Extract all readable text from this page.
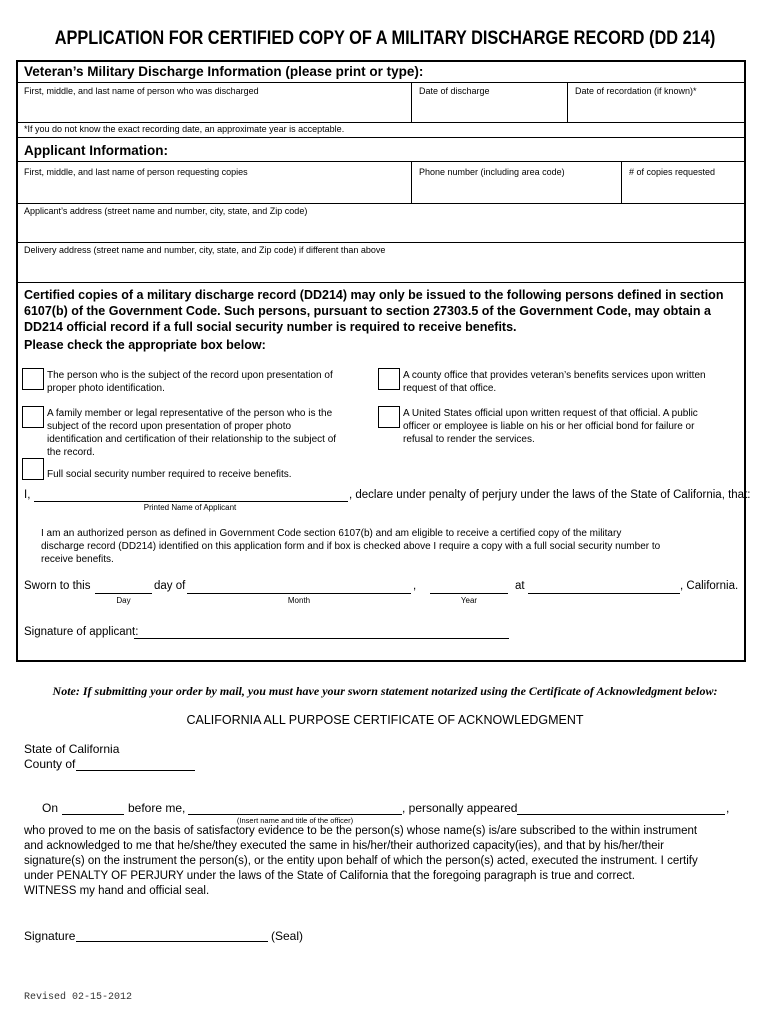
APPLICATION FOR CERTIFIED COPY OF A MILITARY DISCHARGE RECORD (DD 214)
Veteran’s Military Discharge Information (please print or type):
First, middle, and last name of person who was discharged	Date of discharge	Date of recordation (if known)*
*If you do not know the exact recording date, an approximate year is acceptable.
Applicant Information:
First, middle, and last name of person requesting copies	Phone number (including area code)	# of copies requested
Applicant’s address (street name and number, city, state, and Zip code)
Delivery address (street name and number, city, state, and Zip code) if different than above
Certified copies of a military discharge record (DD214) may only be issued to the following persons defined in section
6107(b) of the Government Code. Such persons, pursuant to section 27303.5 of the Government Code, may obtain a
DD214 official record if a full social security number is required to receive benefits.
Please check the appropriate box below:
The person who is the subject of the record upon presentation of
proper photo identification.
A county office that provides veteran’s benefits services upon written
request of that office.
A family member or legal representative of the person who is the
subject of the record upon presentation of proper photo
identification and certification of their relationship to the subject of
the record.
A United States official upon written request of that official. A public
officer or employee is liable on his or her official bond for failure or
refusal to render the services.
Full social security number required to receive benefits.
I,	, declare under penalty of perjury under the laws of the State of California, that:
Printed Name of Applicant
I am an authorized person as defined in Government Code section 6107(b) and am eligible to receive a certified copy of the military
discharge record (DD214) identified on this application form and if box is checked above I require a copy with a full social security number to
receive benefits.
Sworn to this
Day
day of
Month
,
Year
at	, California.
Signature of applicant:
Note: If submitting your order by mail, you must have your sworn statement notarized using the Certificate of Acknowledgment below:
CALIFORNIA ALL PURPOSE CERTIFICATE OF ACKNOWLEDGMENT
State of California
County of
On	before me,
(Insert name and title of the officer)
, personally appeared	,
who proved to me on the basis of satisfactory evidence to be the person(s) whose name(s) is/are subscribed to the within instrument
and acknowledged to me that he/she/they executed the same in his/her/their authorized capacity(ies), and that by his/her/their
signature(s) on the instrument the person(s), or the entity upon behalf of which the person(s) acted, executed the instrument. I certify
under PENALTY OF PERJURY under the laws of the State of California that the foregoing paragraph is true and correct.
WITNESS my hand and official seal.
Signature	(Seal)
Revised 02-15-2012
